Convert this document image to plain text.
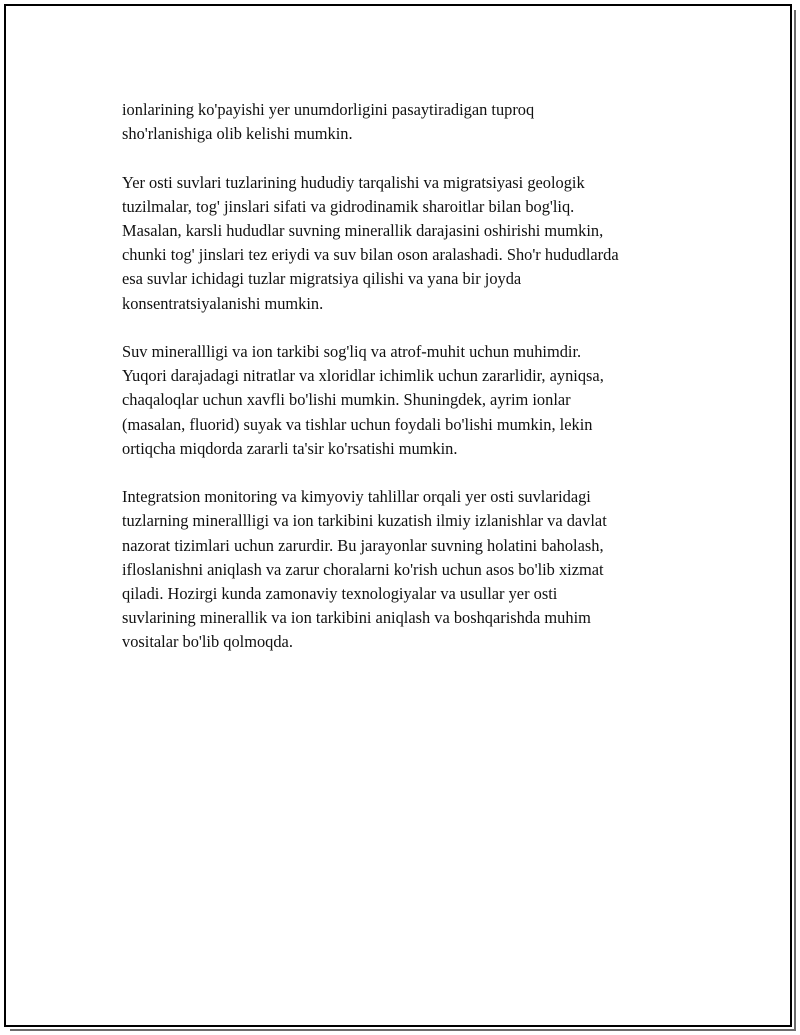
ionlarining ko'payishi yer unumdorligini pasaytiradigan tuproq
sho'rlanishiga olib kelishi mumkin.

Yer osti suvlari tuzlarining hududiy tarqalishi va migratsiyasi geologik
tuzilmalar, tog' jinslari sifati va gidrodinamik sharoitlar bilan bog'liq.
Masalan, karsli hududlar suvning minerallik darajasini oshirishi mumkin,
chunki tog' jinslari tez eriydi va suv bilan oson aralashadi. Sho'r hududlarda
esa suvlar ichidagi tuzlar migratsiya qilishi va yana bir joyda
konsentratsiyalanishi mumkin.

Suv minerallligi va ion tarkibi sog'liq va atrof-muhit uchun muhimdir.
Yuqori darajadagi nitratlar va xloridlar ichimlik uchun zararlidir, ayniqsa,
chaqaloqlar uchun xavfli bo'lishi mumkin. Shuningdek, ayrim ionlar
(masalan, fluorid) suyak va tishlar uchun foydali bo'lishi mumkin, lekin
ortiqcha miqdorda zararli ta'sir ko'rsatishi mumkin.

Integratsion monitoring va kimyoviy tahlillar orqali yer osti suvlaridagi
tuzlarning minerallligi va ion tarkibini kuzatish ilmiy izlanishlar va davlat
nazorat tizimlari uchun zarurdir. Bu jarayonlar suvning holatini baholash,
ifloslanishni aniqlash va zarur choralarni ko'rish uchun asos bo'lib xizmat
qiladi. Hozirgi kunda zamonaviy texnologiyalar va usullar yer osti
suvlarining minerallik va ion tarkibini aniqlash va boshqarishda muhim
vositalar bo'lib qolmoqda.
